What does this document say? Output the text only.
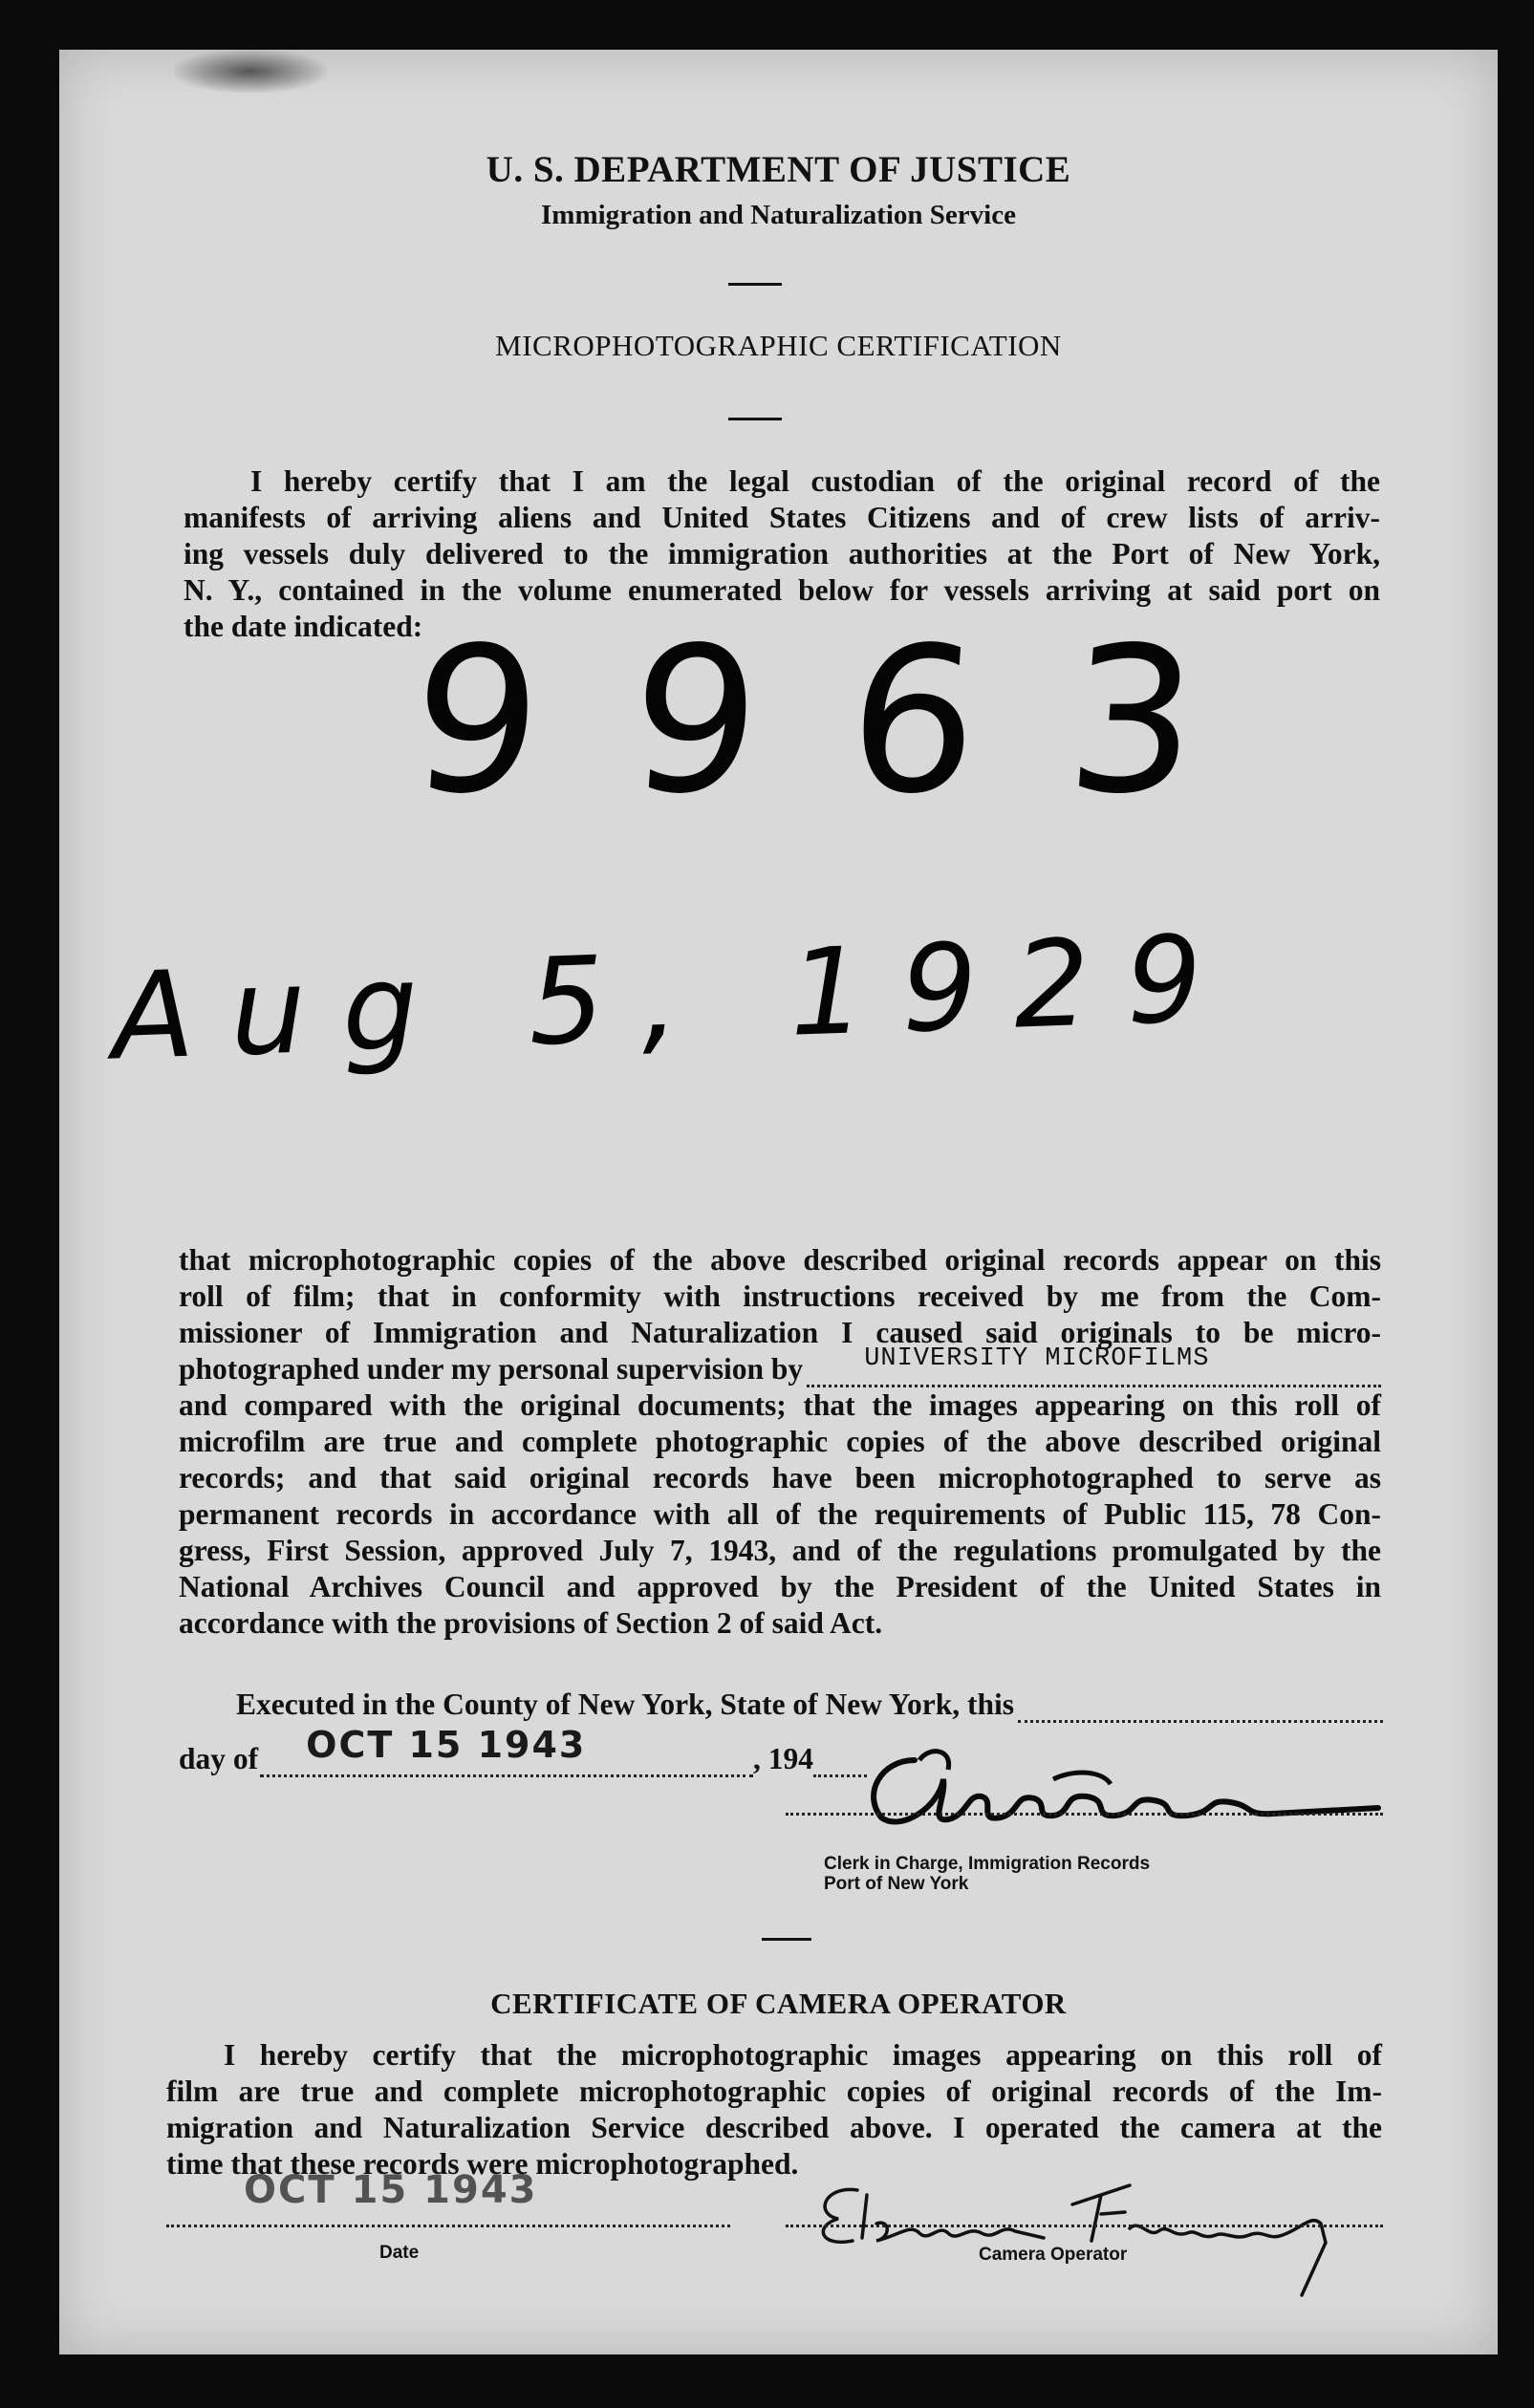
U. S. DEPARTMENT OF JUSTICE
Immigration and Naturalization Service
MICROPHOTOGRAPHIC CERTIFICATION
I hereby certify that I am the legal custodian of the original record of the
manifests of arriving aliens and United States Citizens and of crew lists of arriv-
ing vessels duly delivered to the immigration authorities at the Port of New York,
N. Y., contained in the volume enumerated below for vessels arriving at said port on
the date indicated:
9963
Aug 5, 1929
that microphotographic copies of the above described original records appear on this
roll of film; that in conformity with instructions received by me from the Com-
missioner of Immigration and Naturalization I caused said originals to be micro-
photographed under my personal supervision by UNIVERSITY MICROFILMS
and compared with the original documents; that the images appearing on this roll of
microfilm are true and complete photographic copies of the above described original
records; and that said original records have been microphotographed to serve as
permanent records in accordance with all of the requirements of Public 115, 78 Con-
gress, First Session, approved July 7, 1943, and of the regulations promulgated by the
National Archives Council and approved by the President of the United States in
accordance with the provisions of Section 2 of said Act.
Executed in the County of New York, State of New York, this
day of OCT 15 1943	, 194
Clerk in Charge, Immigration Records
Port of New York
CERTIFICATE OF CAMERA OPERATOR
I hereby certify that the microphotographic images appearing on this roll of
film are true and complete microphotographic copies of original records of the Im-
migration and Naturalization Service described above. I operated the camera at the
time that these records were microphotographed.
OCT 15 1943
Date	Camera Operator
